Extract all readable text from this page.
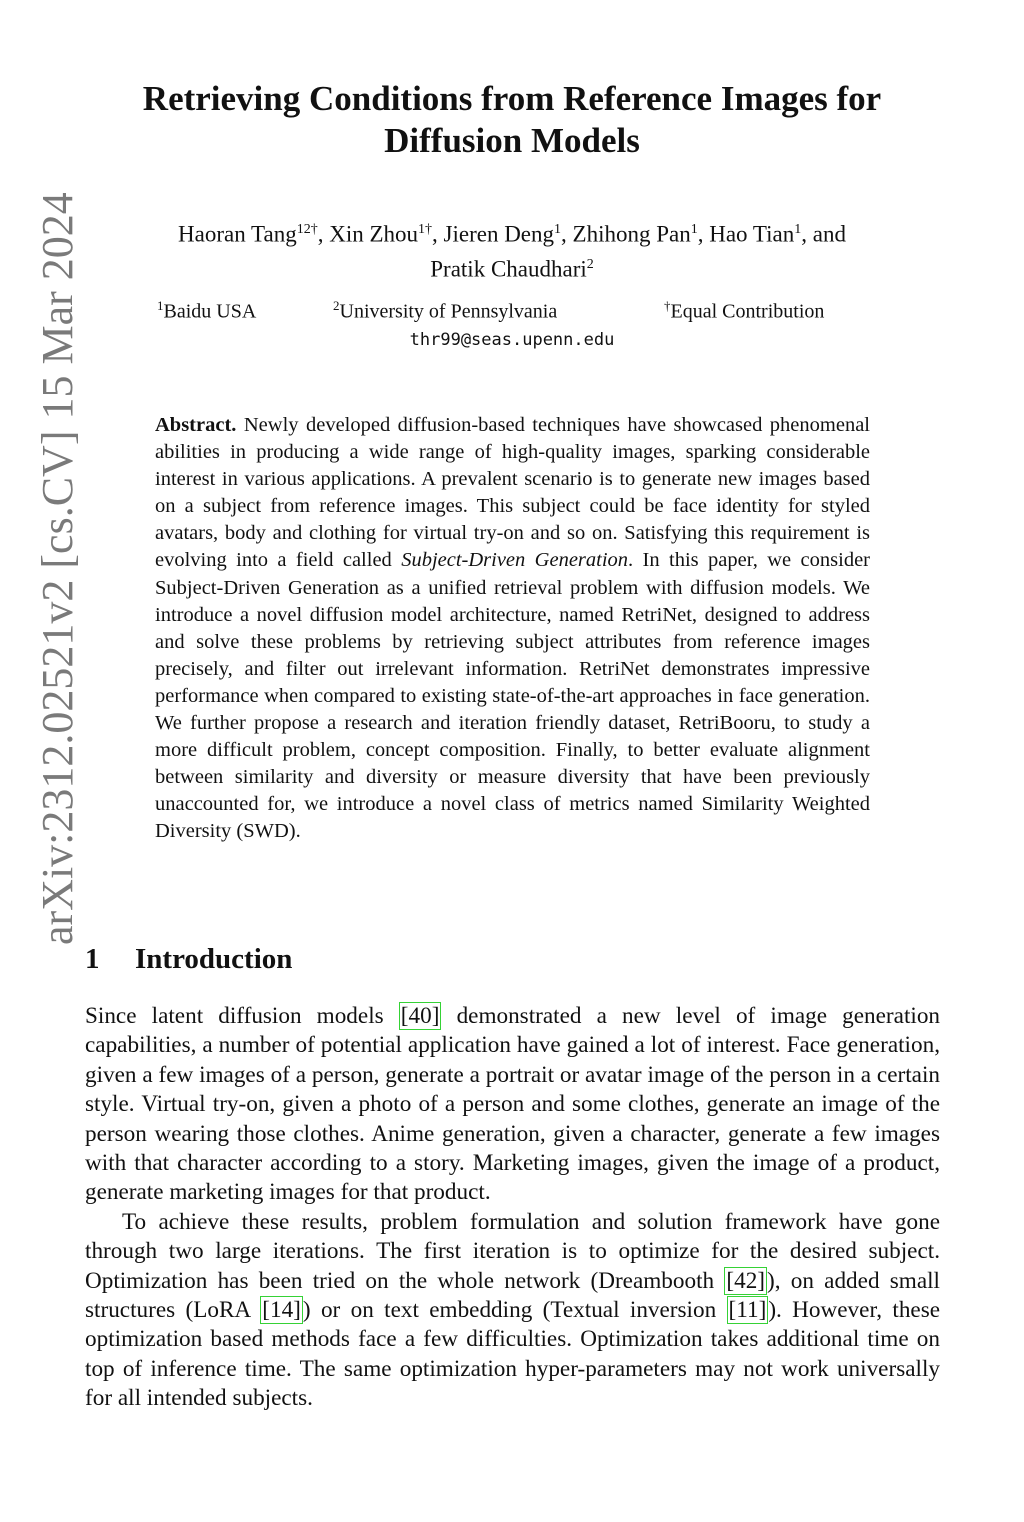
arXiv:2312.02521v2 [cs.CV] 15 Mar 2024
Retrieving Conditions from Reference Images for Diffusion Models
Haoran Tang$^{12\dagger}$, Xin Zhou$^{1\dagger}$, Jieren Deng$^1$, Zhihong Pan$^1$, Hao Tian$^1$, and
Pratik Chaudhari$^2$
$^1$Baidu USA	$^2$University of Pennsylvania	†Equal Contribution
thr99@seas.upenn.edu
Abstract. Newly developed diffusion-based techniques have showcased phenomenal abilities in producing a wide range of high-quality images, sparking considerable interest in various applications. A prevalent scenario is to generate new images based on a subject from reference images. This subject could be face identity for styled avatars, body and clothing for virtual try-on and so on. Satisfying this requirement is evolving into a field called Subject-Driven Generation. In this paper, we consider Subject-Driven Generation as a unified retrieval problem with diffusion models. We introduce a novel diffusion model architecture, named RetriNet, designed to address and solve these problems by retrieving subject attributes from reference images precisely, and filter out irrelevant information. RetriNet demonstrates impressive performance when compared to existing state-of-the-art approaches in face generation. We further propose a research and iteration friendly dataset, RetriBooru, to study a more difficult problem, concept composition. Finally, to better evaluate alignment between similarity and diversity or measure diversity that have been previously unaccounted for, we introduce a novel class of metrics named Similarity Weighted Diversity (SWD).
1 Introduction

Since latent diffusion models [40] demonstrated a new level of image generation capabilities, a number of potential application have gained a lot of interest. Face generation, given a few images of a person, generate a portrait or avatar image of the person in a certain style. Virtual try-on, given a photo of a person and some clothes, generate an image of the person wearing those clothes. Anime generation, given a character, generate a few images with that character according to a story. Marketing images, given the image of a product, generate marketing images for that product.

To achieve these results, problem formulation and solution framework have gone through two large iterations. The first iteration is to optimize for the desired subject. Optimization has been tried on the whole network (Dreambooth [42]), on added small structures (LoRA [14]) or on text embedding (Textual inversion [11]). However, these optimization based methods face a few difficulties. Optimization takes additional time on top of inference time. The same optimization hyper-parameters may not work universally for all intended subjects.
